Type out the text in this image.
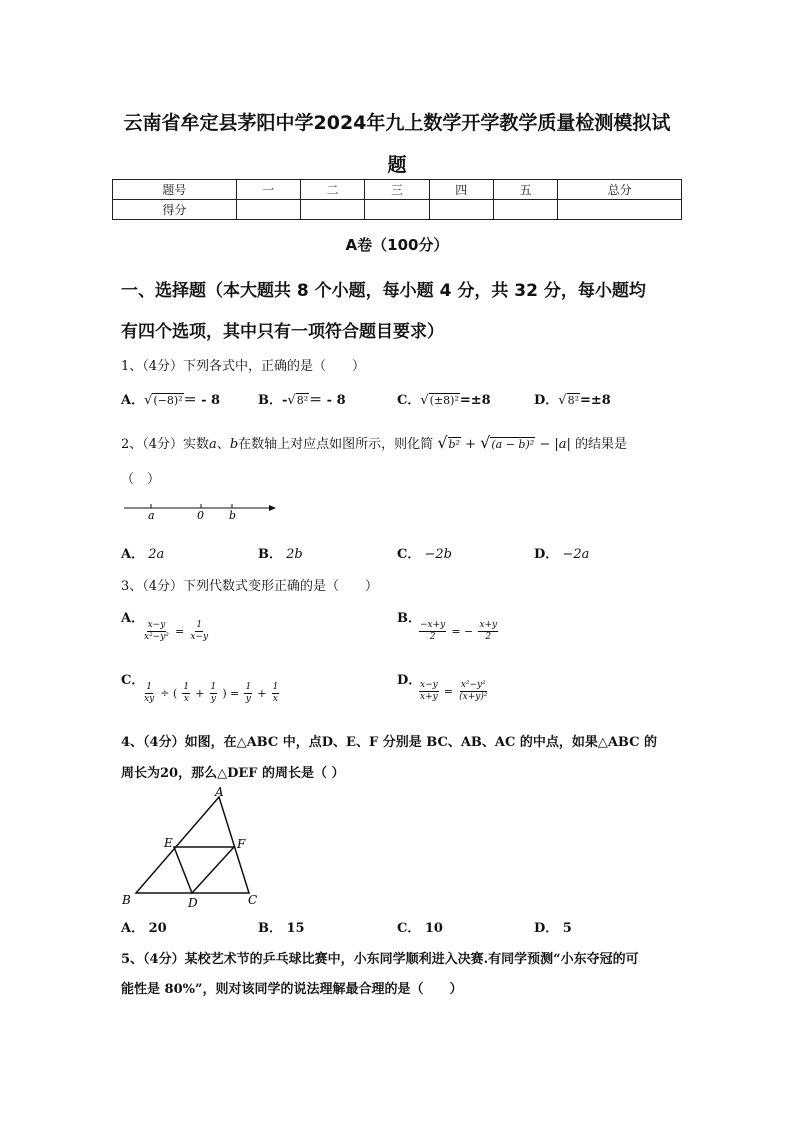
云南省牟定县茅阳中学2024年九上数学开学教学质量检测模拟试
题
题号	一	二	三	四	五	总分
得分						
A卷（100分）
一、选择题（本大题共 8 个小题，每小题 4 分，共 32 分，每小题均
有四个选项，其中只有一项符合题目要求）
1、（4分）下列各式中，正确的是（　　）
A．√(−8)²＝ - 8	B．-√8²＝ - 8	C．√(±8)²=±8	D．√8²=±8
2、（4分）实数a、b在数轴上对应点如图所示，则化简 √b² + √(a − b)² − |a| 的结果是
（　）
a	0 b
A． 2a	B． 2b	C． −2b	D． −2a
3、（4分）下列代数式变形正确的是（　　）
A．
$\frac{x-y}{\text{x²−y²}} = \frac{1}{x-y}$
B．
$\frac{-x+y}{2}$ = − $\frac{x+y}{2}$
C．
$\frac{1}{xy}$ ÷ ( $\frac{1}{x} + \frac{1}{y}$ ) = $\frac{1}{y} + \frac{1}{x}$
D．
$\frac{x-y}{x+y} = \frac{\text{x²−y²}}{\text{(x+y)²}}$
4、（4分）如图，在△ABC 中，点D、E、F 分别是 BC、AB、AC 的中点，如果△ABC 的
周长为20，那么△DEF 的周长是（ ）
A
B	C
D
E	F
A． 20	B． 15	C． 10	D． 5
5、（4分）某校艺术节的乒乓球比赛中，小东同学顺利进入决赛.有同学预测“小东夺冠的可
能性是 80%”，则对该同学的说法理解最合理的是（　　）
